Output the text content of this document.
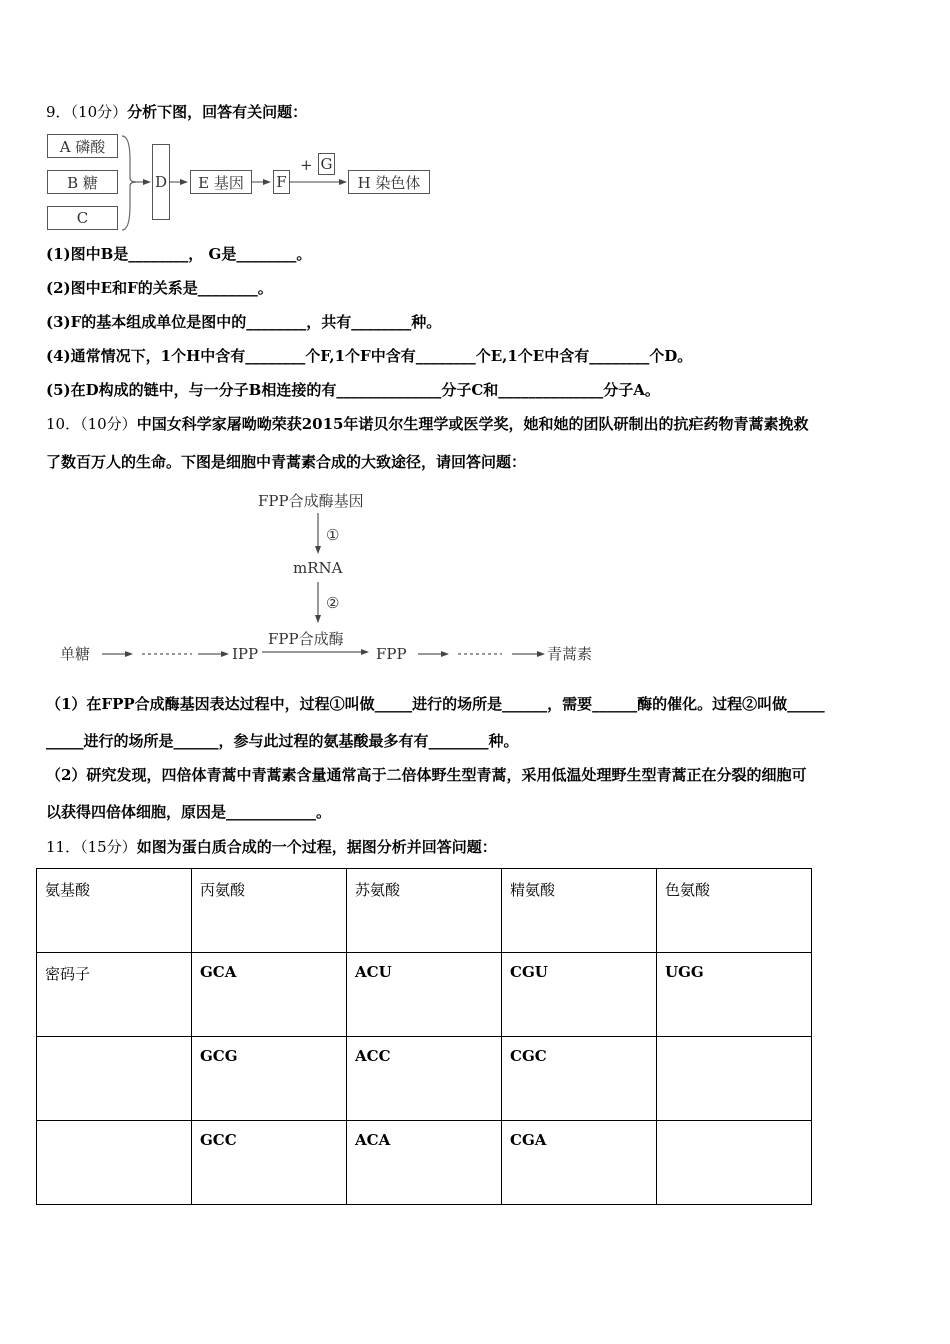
9．（10分）分析下图，回答有关问题：
A 磷酸
B 糖
C
D	E 基因	F
+ G
H 染色体
(1)图中B是________， G是________。
(2)图中E和F的关系是________。
(3)F的基本组成单位是图中的________，共有________种。
(4)通常情况下，1个H中含有________个F,1个F中含有________个E,1个E中含有________个D。
(5)在D构成的链中，与一分子B相连接的有______________分子C和______________分子A。
10．（10分）中国女科学家屠呦呦荣获2015年诺贝尔生理学或医学奖，她和她的团队研制出的抗疟药物青蒿素挽救
了数百万人的生命。下图是细胞中青蒿素合成的大致途径，请回答问题：
FPP合成酶基因
①
mRNA
②
单糖	IPP
FPP合成酶
FPP	青蒿素
（1）在FPP合成酶基因表达过程中，过程①叫做_____进行的场所是______，需要______酶的催化。过程②叫做_____
_____进行的场所是______，参与此过程的氨基酸最多有有________种。
（2）研究发现，四倍体青蒿中青蒿素含量通常高于二倍体野生型青蒿，采用低温处理野生型青蒿正在分裂的细胞可
以获得四倍体细胞，原因是____________。
11．（15分）如图为蛋白质合成的一个过程，据图分析并回答问题：
氨基酸	丙氨酸	苏氨酸	精氨酸	色氨酸
密码子	GCA	ACU	CGU	UGG
	GCG	ACC	CGC	
	GCC	ACA	CGA	
